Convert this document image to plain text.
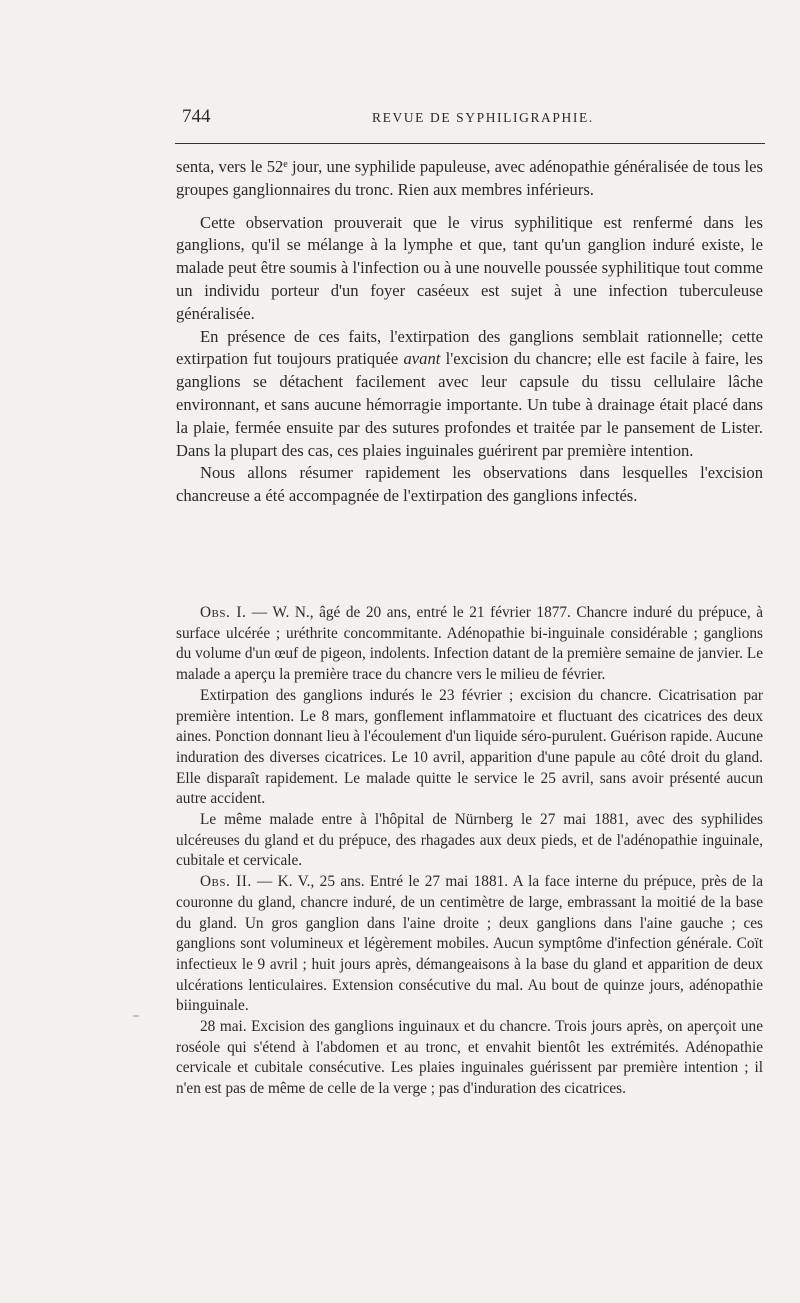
744	REVUE DE SYPHILIGRAPHIE.

senta, vers le 52e jour, une syphilide papuleuse, avec adénopathie généralisée de tous les groupes ganglionnaires du tronc. Rien aux membres inférieurs.

Cette observation prouverait que le virus syphilitique est renfermé dans les ganglions, qu'il se mélange à la lymphe et que, tant qu'un ganglion induré existe, le malade peut être soumis à l'infection ou à une nouvelle poussée syphilitique tout comme un individu porteur d'un foyer caséeux est sujet à une infection tuberculeuse généralisée.

En présence de ces faits, l'extirpation des ganglions semblait rationnelle; cette extirpation fut toujours pratiquée avant l'excision du chancre; elle est facile à faire, les ganglions se détachent facilement avec leur capsule du tissu cellulaire lâche environnant, et sans aucune hémorragie importante. Un tube à drainage était placé dans la plaie, fermée ensuite par des sutures profondes et traitée par le pansement de Lister. Dans la plupart des cas, ces plaies inguinales guérirent par première intention.

Nous allons résumer rapidement les observations dans lesquelles l'excision chancreuse a été accompagnée de l'extirpation des ganglions infectés.

Obs. I. — W. N., âgé de 20 ans, entré le 21 février 1877. Chancre induré du prépuce, à surface ulcérée ; uréthrite concommitante. Adénopathie bi-inguinale considérable ; ganglions du volume d'un œuf de pigeon, indolents. Infection datant de la première semaine de janvier. Le malade a aperçu la première trace du chancre vers le milieu de février.

Extirpation des ganglions indurés le 23 février ; excision du chancre. Cicatrisation par première intention. Le 8 mars, gonflement inflammatoire et fluctuant des cicatrices des deux aines. Ponction donnant lieu à l'écoulement d'un liquide séro-purulent. Guérison rapide. Aucune induration des diverses cicatrices. Le 10 avril, apparition d'une papule au côté droit du gland. Elle disparaît rapidement. Le malade quitte le service le 25 avril, sans avoir présenté aucun autre accident.

Le même malade entre à l'hôpital de Nürnberg le 27 mai 1881, avec des syphilides ulcéreuses du gland et du prépuce, des rhagades aux deux pieds, et de l'adénopathie inguinale, cubitale et cervicale.

Obs. II. — K. V., 25 ans. Entré le 27 mai 1881. A la face interne du prépuce, près de la couronne du gland, chancre induré, de un centimètre de large, embrassant la moitié de la base du gland. Un gros ganglion dans l'aine droite ; deux ganglions dans l'aine gauche ; ces ganglions sont volumineux et légèrement mobiles. Aucun symptôme d'infection générale. Coït infectieux le 9 avril ; huit jours après, démangeaisons à la base du gland et apparition de deux ulcérations lenticulaires. Extension consécutive du mal. Au bout de quinze jours, adénopathie biinguinale.

28 mai. Excision des ganglions inguinaux et du chancre. Trois jours après, on aperçoit une roséole qui s'étend à l'abdomen et au tronc, et envahit bientôt les extrémités. Adénopathie cervicale et cubitale consécutive. Les plaies inguinales guérissent par première intention ; il n'en est pas de même de celle de la verge ; pas d'induration des cicatrices.
